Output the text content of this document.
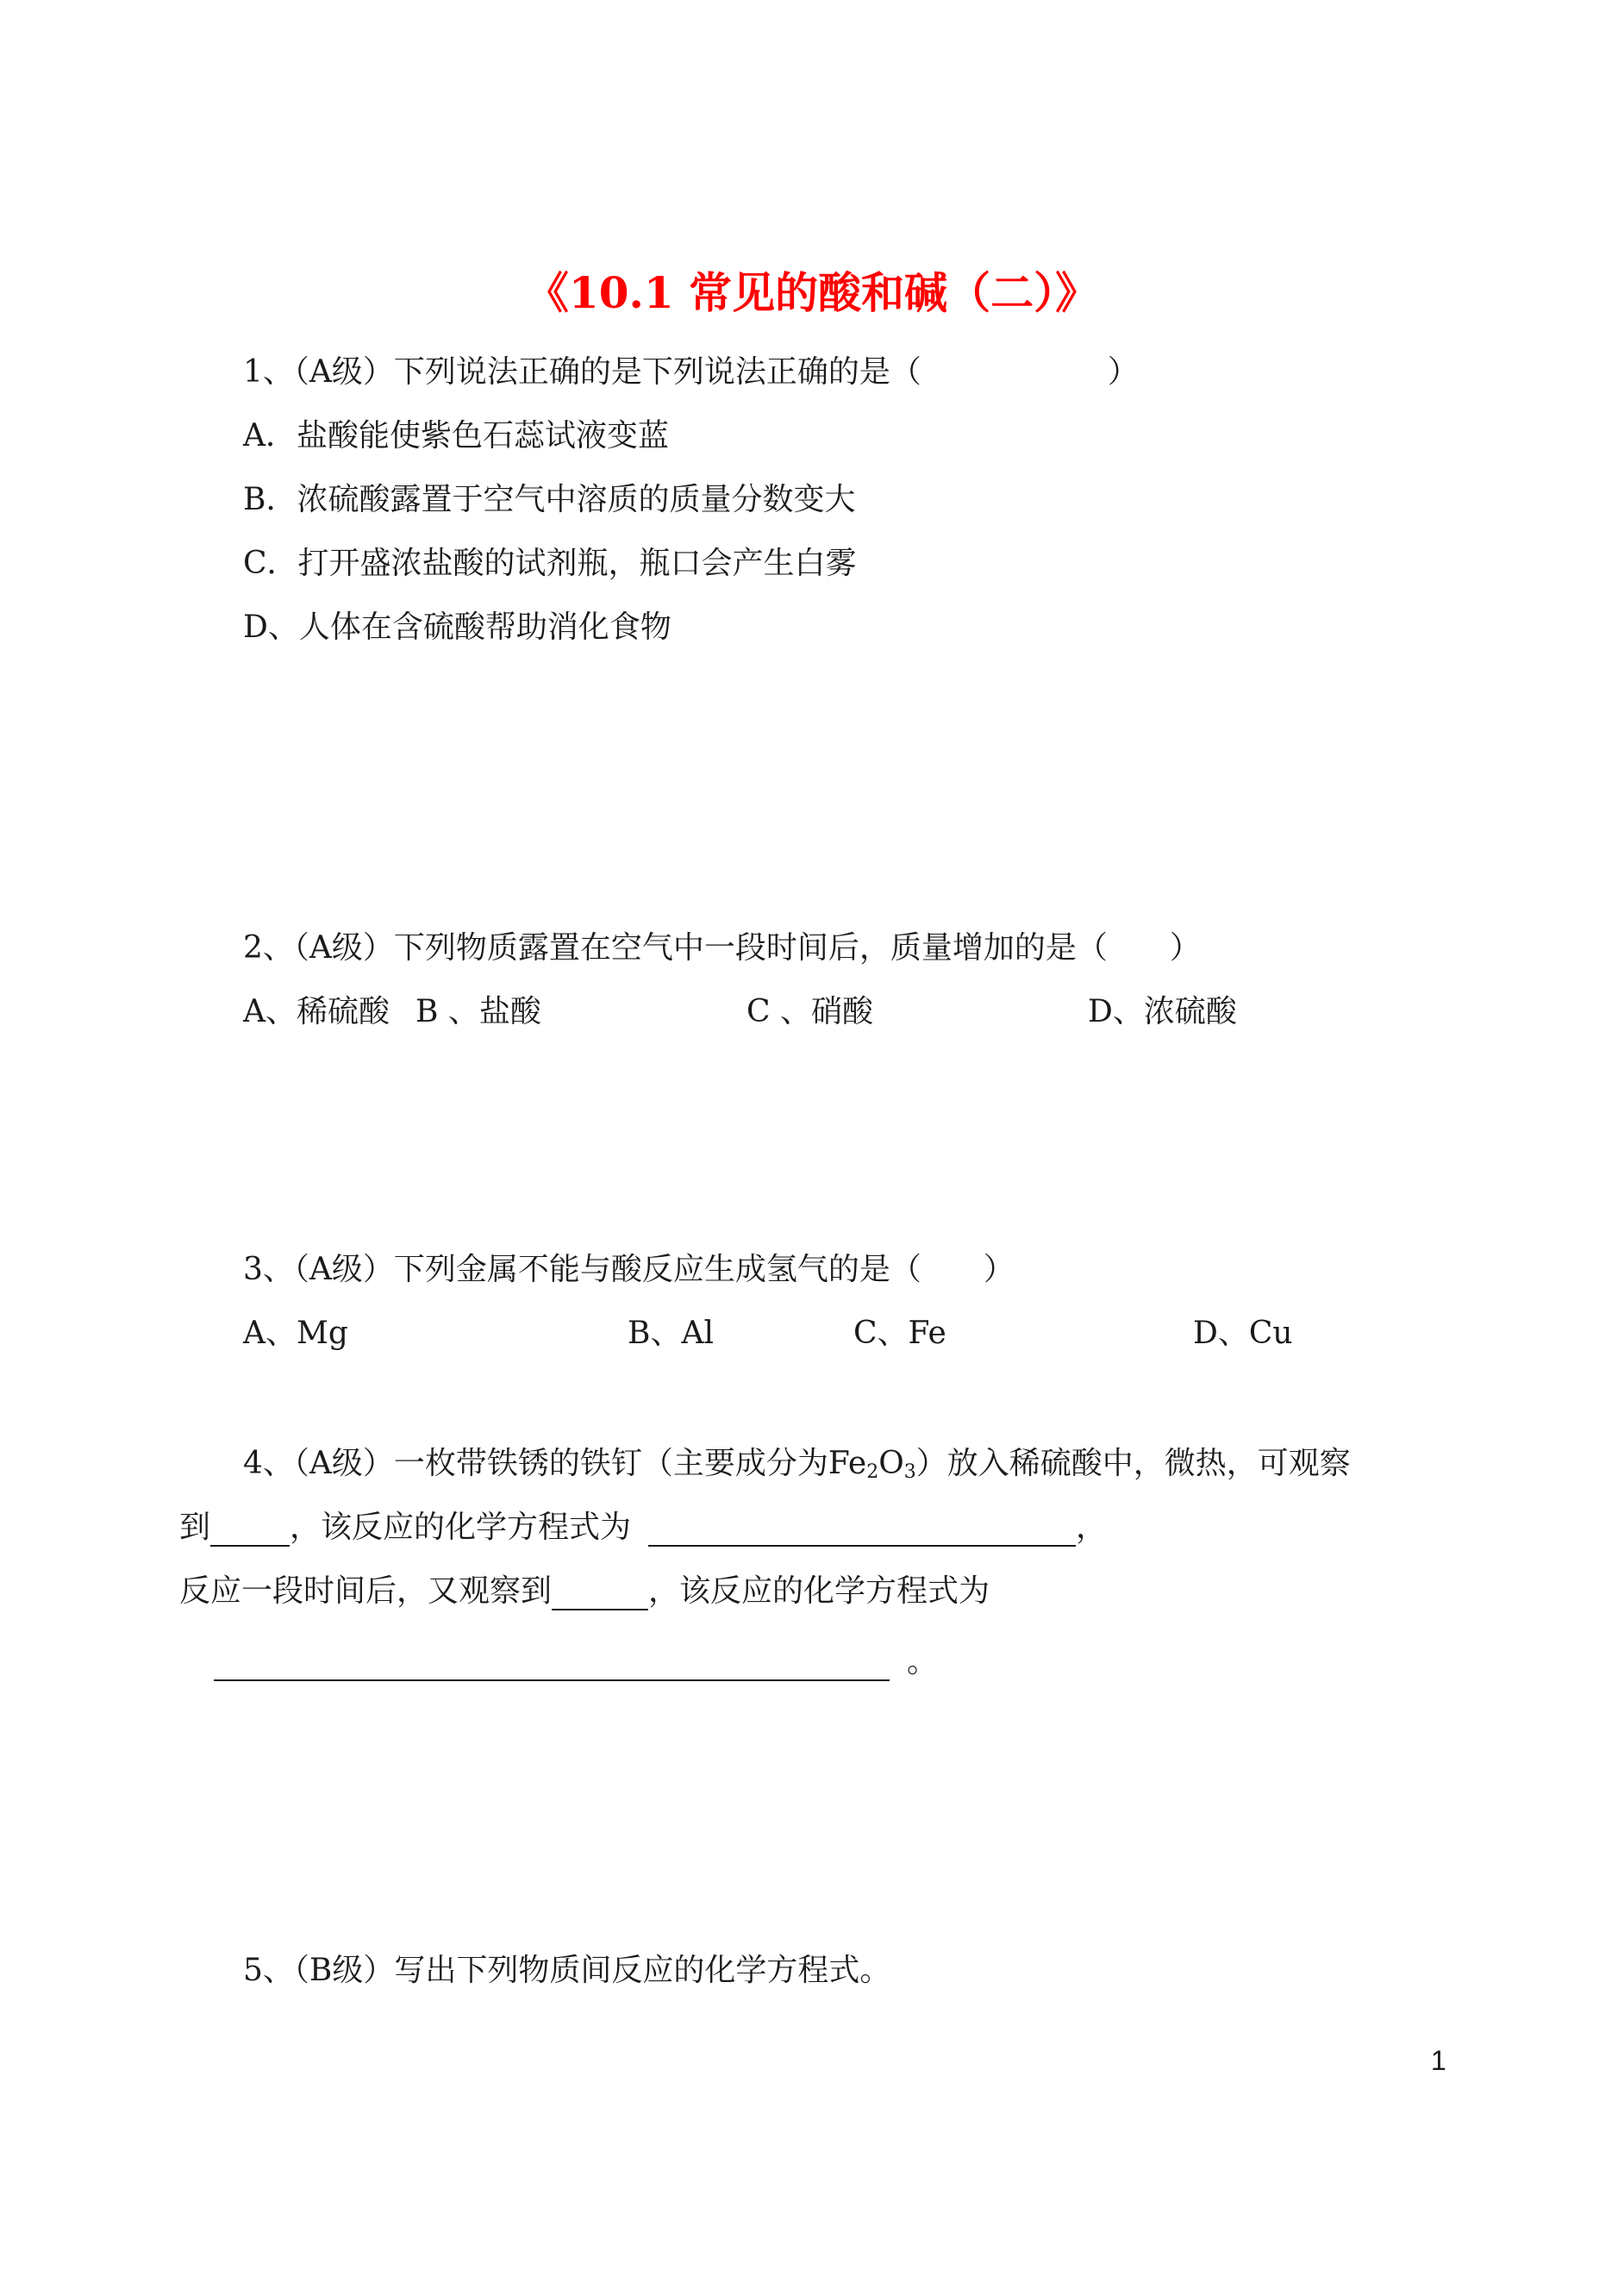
《10.1 常见的酸和碱（二）》
1、（A级）下列说法正确的是下列说法正确的是（　　　　　　）
A．盐酸能使紫色石蕊试液变蓝
B．浓硫酸露置于空气中溶质的质量分数变大
C．打开盛浓盐酸的试剂瓶，瓶口会产生白雾
D、人体在含硫酸帮助消化食物
2、（A级）下列物质露置在空气中一段时间后，质量增加的是（　　）
A、稀硫酸 B 、盐酸	C 、硝酸	D、浓硫酸
3、（A级）下列金属不能与酸反应生成氢气的是（　　）
A、Mg	B、Al	C、Fe	D、Cu
4、（A级）一枚带铁锈的铁钉（主要成分为$Fe_2O_3$）放入稀硫酸中，微热，可观察
到	，该反应的化学方程式为	，
反应一段时间后，又观察到	，该反应的化学方程式为
。
5、（B级）写出下列物质间反应的化学方程式。
1
